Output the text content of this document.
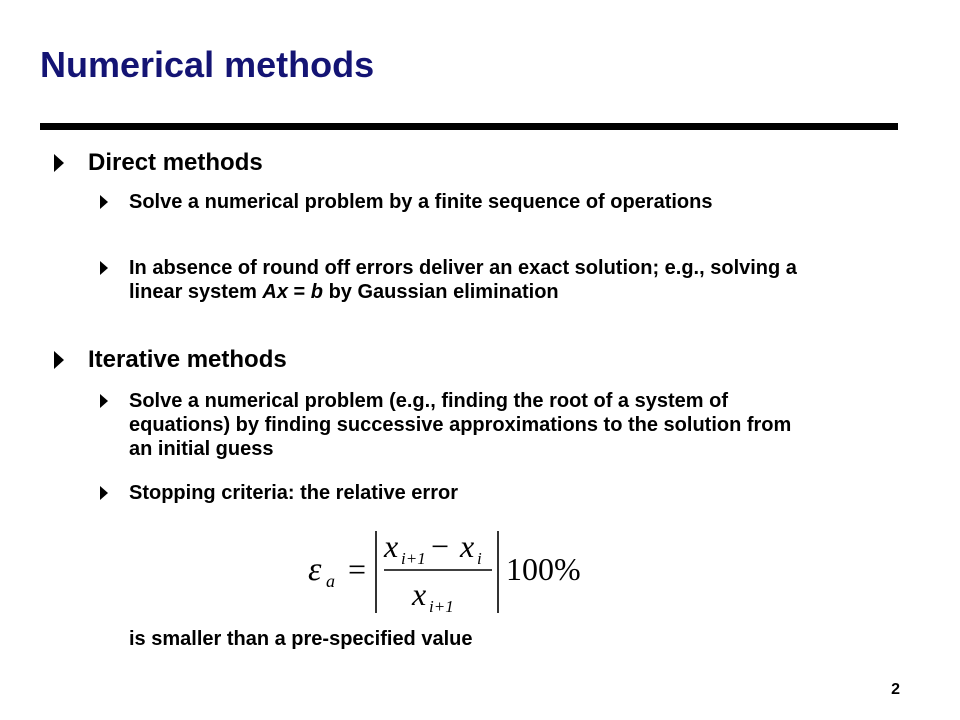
Numerical methods
Direct methods
Solve a numerical problem by a finite sequence of operations
In absence of round off errors deliver an exact solution; e.g., solving a linear system Ax = b by Gaussian elimination
Iterative methods
Solve a numerical problem (e.g., finding the root of a system of equations) by finding successive approximations to the solution from an initial guess
Stopping criteria: the relative error
ε a =
x i+1 − x i
x i+1
100%
is smaller than a pre-specified value
2
